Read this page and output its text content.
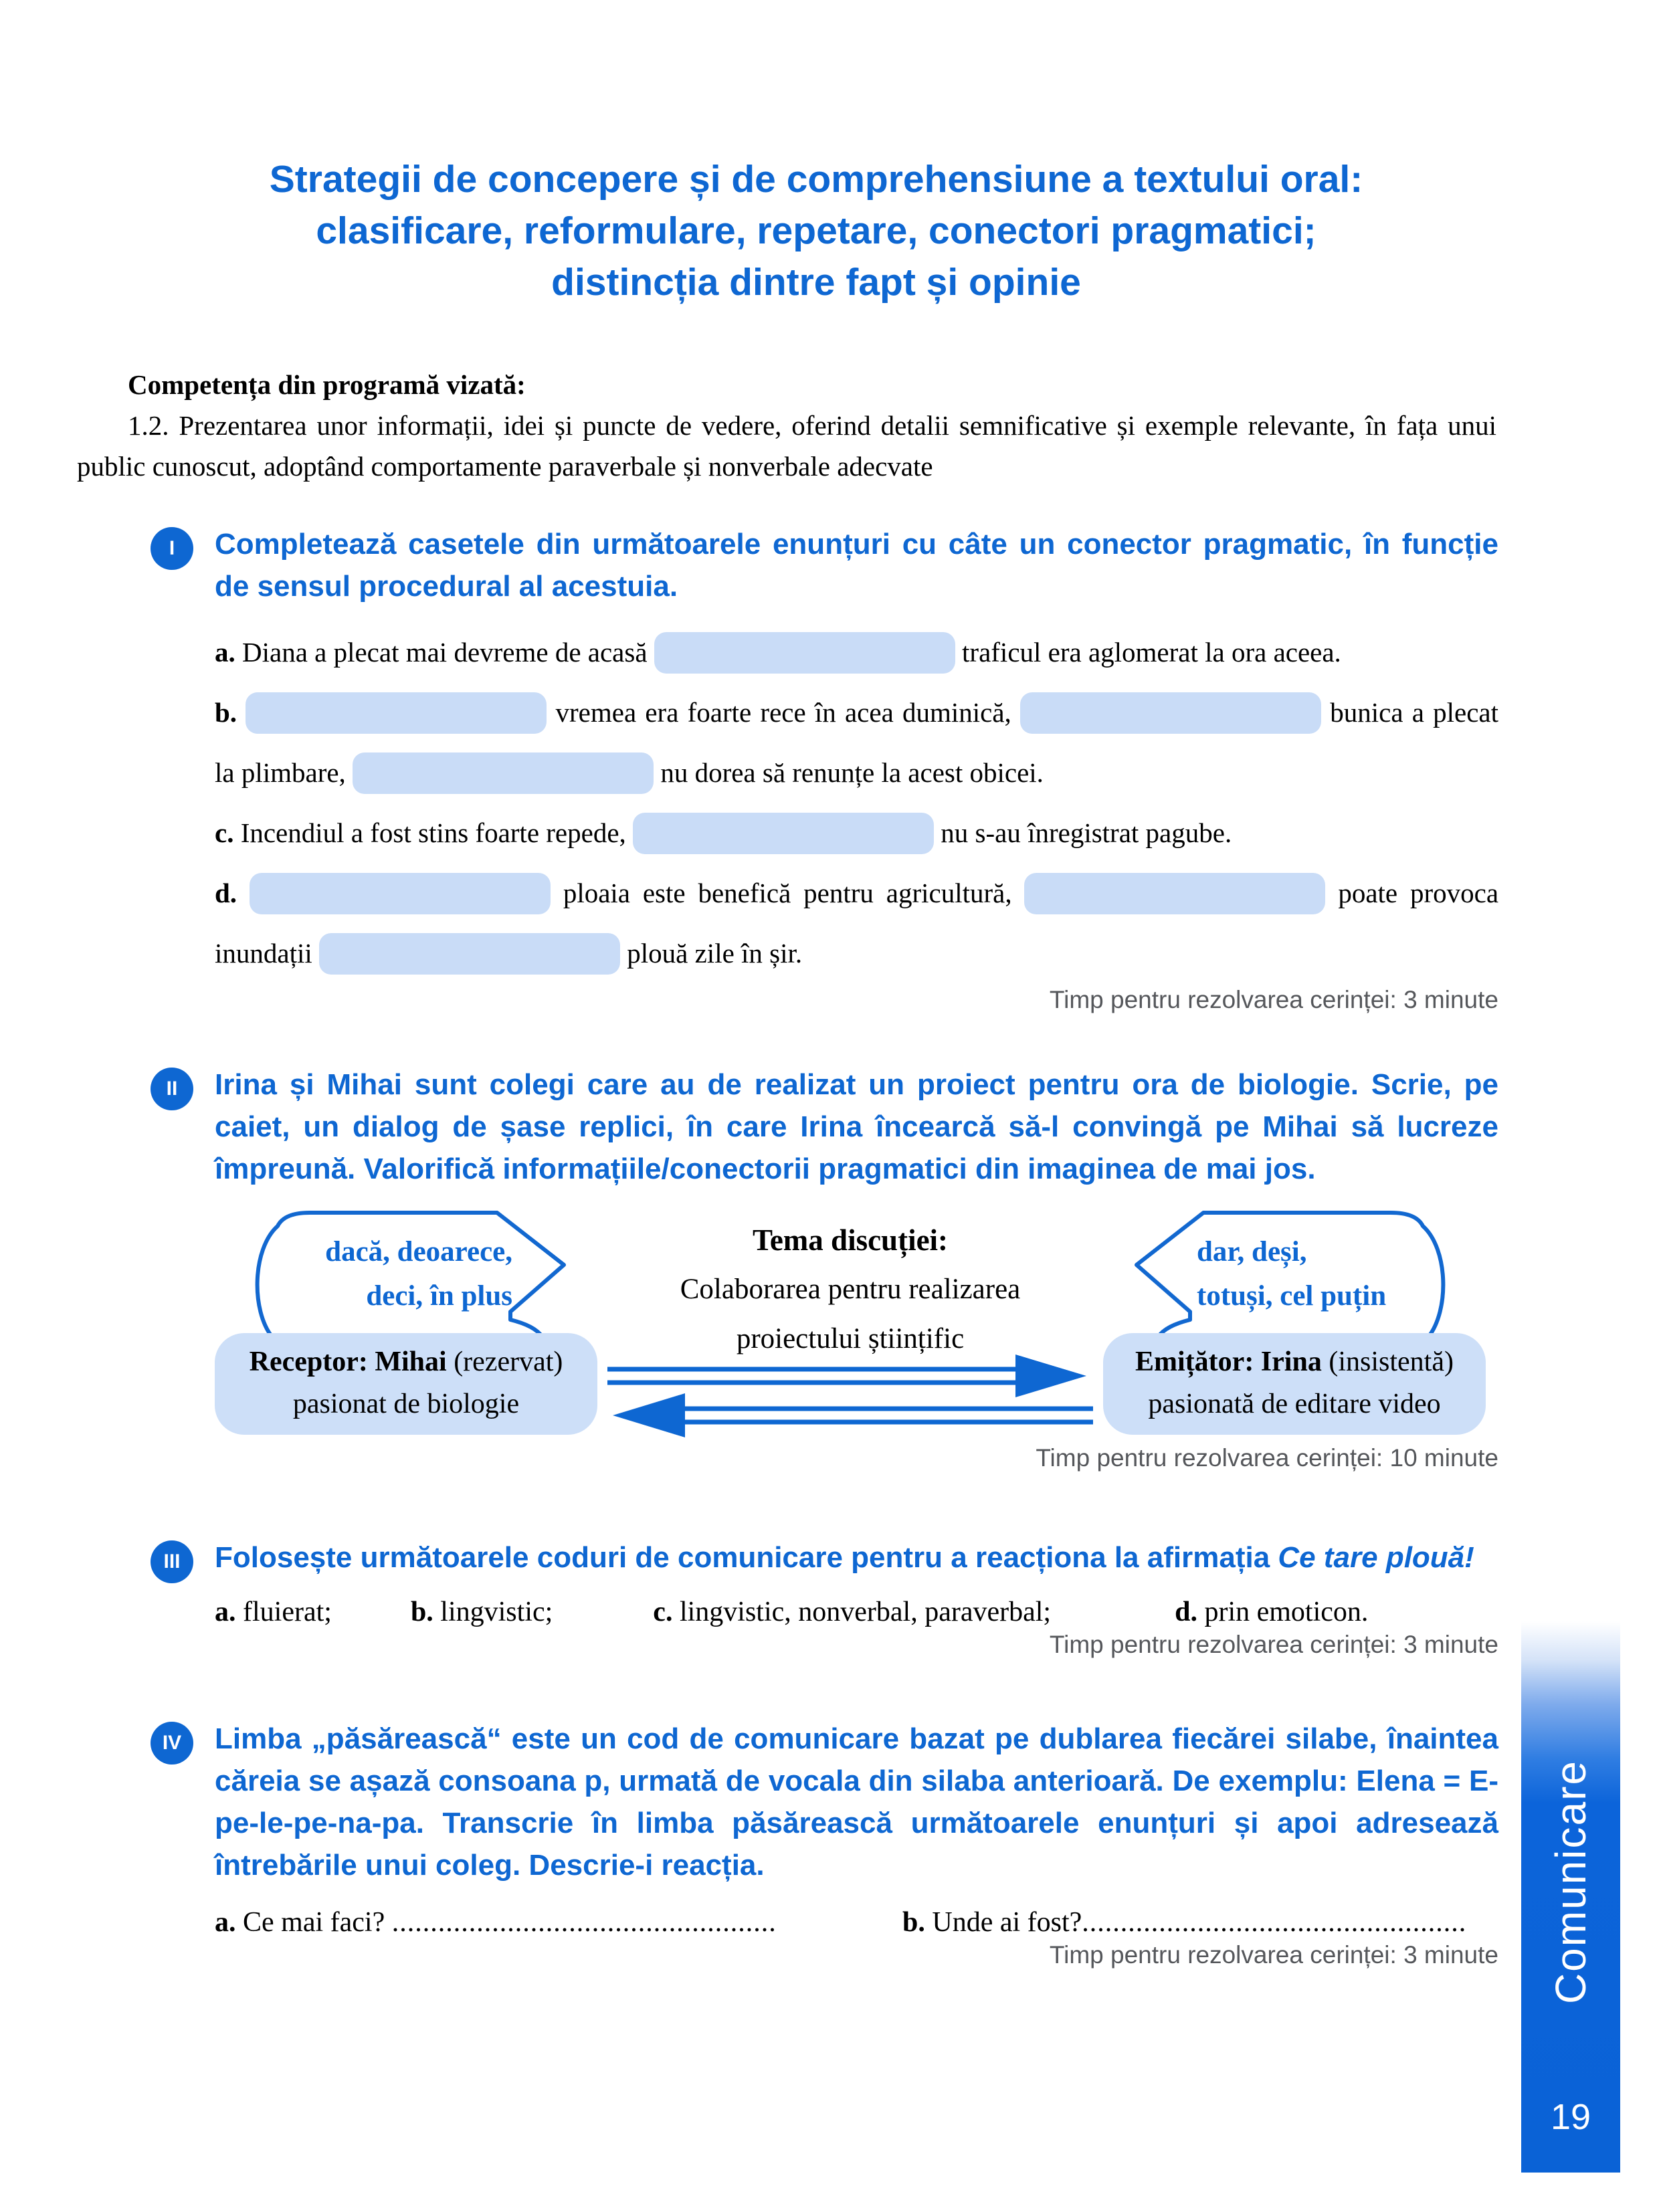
Strategii de concepere și de comprehensiune a textului oral:
clasificare, reformulare, repetare, conectori pragmatici;
distincția dintre fapt și opinie

Competența din programă vizată:

1.2. Prezentarea unor informații, idei și puncte de vedere, oferind detalii semnificative și exemple relevante, în fața unui public cunoscut, adoptând comportamente paraverbale și nonverbale adecvate

I Completează casetele din următoarele enunțuri cu câte un conector pragmatic, în funcție de sensul procedural al acestuia.

a. Diana a plecat mai devreme de acasă	traficul era aglomerat la ora aceea.

b.	vremea era foarte rece în acea duminică,	bunica a plecat la plimbare,	nu dorea să renunțe la acest obicei.

c. Incendiul a fost stins foarte repede,	nu s-au înregistrat pagube.

d.	ploaia este benefică pentru agricultură,	poate provoca inundații	plouă zile în șir.

Timp pentru rezolvarea cerinței: 3 minute

II Irina și Mihai sunt colegi care au de realizat un proiect pentru ora de biologie. Scrie, pe caiet, un dialog de șase replici, în care Irina încearcă să-l convingă pe Mihai să lucreze împreună. Valorifică informațiile/conectorii pragmatici din imaginea de mai jos.

dacă, deoarece,
deci, în plus
dar, deși,
totuși, cel puțin
Tema discuției:
Colaborarea pentru realizarea
proiectului științific
Receptor: Mihai (rezervat)
pasionat de biologie
Emițător: Irina (insistentă)
pasionată de editare video

Timp pentru rezolvarea cerinței: 10 minute

III Folosește următoarele coduri de comunicare pentru a reacționa la afirmația Ce tare plouă!

a. fluierat;	b. lingvistic;	c. lingvistic, nonverbal, paraverbal;	d. prin emoticon.

Timp pentru rezolvarea cerinței: 3 minute

IV Limba „păsărească“ este un cod de comunicare bazat pe dublarea fiecărei silabe, înaintea căreia se așază consoana p, urmată de vocala din silaba anterioară. De exemplu: Elena = E-pe-le-pe-na-pa. Transcrie în limba păsărească următoarele enunțuri și apoi adresează întrebările unui coleg. Descrie-i reacția.

a. Ce mai faci? ..................................................	b. Unde ai fost?..................................................

Timp pentru rezolvarea cerinței: 3 minute Comunicare
19
